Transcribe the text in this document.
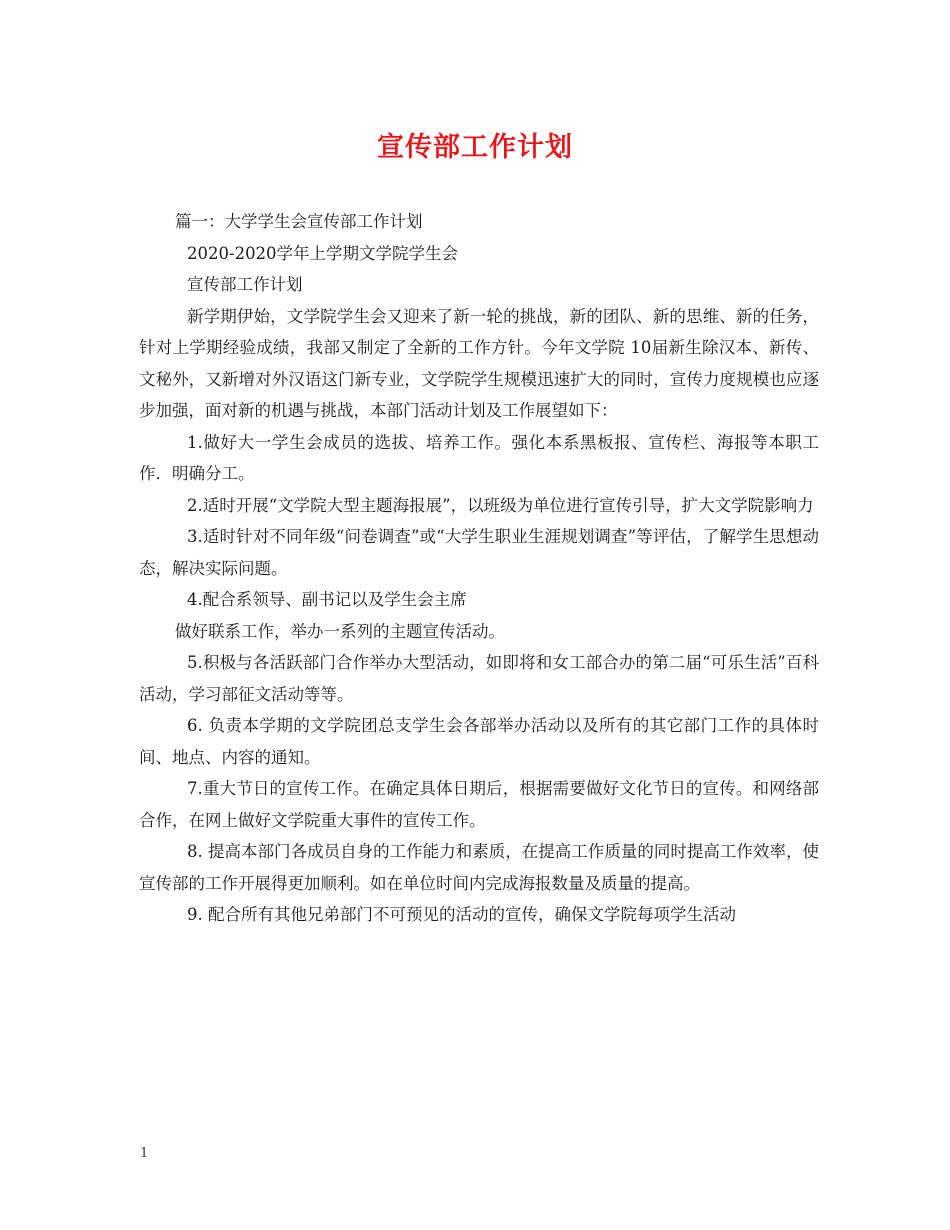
宣传部工作计划

篇一：大学学生会宣传部工作计划

2020-2020学年上学期文学院学生会

宣传部工作计划

新学期伊始，文学院学生会又迎来了新一轮的挑战，新的团队、新的思维、新的任务，针对上学期经验成绩，我部又制定了全新的工作方针。今年文学院 10届新生除汉本、新传、文秘外，又新增对外汉语这门新专业，文学院学生规模迅速扩大的同时，宣传力度规模也应逐步加强，面对新的机遇与挑战，本部门活动计划及工作展望如下：

1.做好大一学生会成员的选拔、培养工作。强化本系黑板报、宣传栏、海报等本职工作．明确分工。

2.适时开展“文学院大型主题海报展”，以班级为单位进行宣传引导，扩大文学院影响力

3.适时针对不同年级“问卷调查”或“大学生职业生涯规划调查”等评估，了解学生思想动态，解决实际问题。

4.配合系领导、副书记以及学生会主席

做好联系工作，举办一系列的主题宣传活动。

5.积极与各活跃部门合作举办大型活动，如即将和女工部合办的第二届“可乐生活”百科活动，学习部征文活动等等。

6. 负责本学期的文学院团总支学生会各部举办活动以及所有的其它部门工作的具体时间、地点、内容的通知。

7.重大节日的宣传工作。在确定具体日期后，根据需要做好文化节日的宣传。和网络部合作，在网上做好文学院重大事件的宣传工作。

8. 提高本部门各成员自身的工作能力和素质，在提高工作质量的同时提高工作效率，使宣传部的工作开展得更加顺利。如在单位时间内完成海报数量及质量的提高。

9. 配合所有其他兄弟部门不可预见的活动的宣传，确保文学院每项学生活动

1
